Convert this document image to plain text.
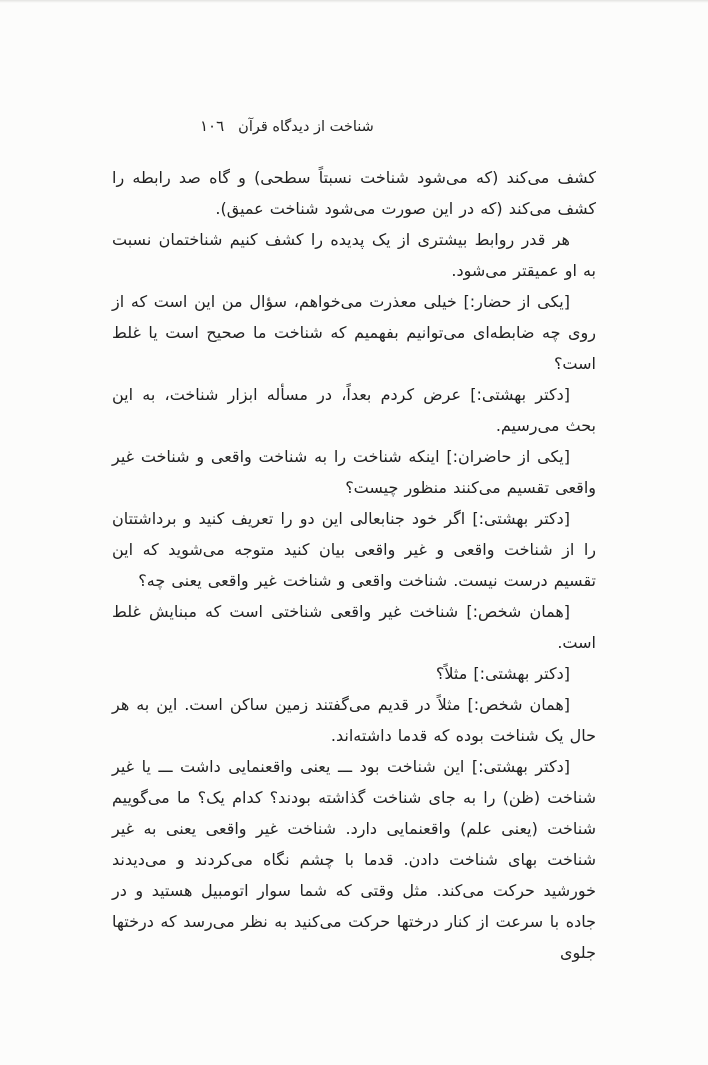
شناخت از دیدگاه قرآن
١٠٦

کشف می‌کند (که می‌شود شناخت نسبتاً سطحی) و گاه صد رابطه را کشف می‌کند (که در این صورت می‌شود شناخت عمیق).

هر قدر روابط بیشتری از یک پدیده را کشف کنیم شناختمان نسبت به او عمیقتر می‌شود.

[یکی از حضار:] خیلی معذرت می‌خواهم، سؤال من این است که از روی چه ضابطه‌ای می‌توانیم بفهمیم که شناخت ما صحیح است یا غلط است؟

[دکتر بهشتی:] عرض کردم بعداً، در مسأله ابزار شناخت، به این بحث می‌رسیم.

[یکی از حاضران:] اینکه شناخت را به شناخت واقعی و شناخت غیر واقعی تقسیم می‌کنند منظور چیست؟

[دکتر بهشتی:] اگر خود جنابعالی این دو را تعریف کنید و برداشتتان را از شناخت واقعی و غیر واقعی بیان کنید متوجه می‌شوید که این تقسیم درست نیست. شناخت واقعی و شناخت غیر واقعی یعنی چه؟

[همان شخص:] شناخت غیر واقعی شناختی است که مبنایش غلط است.

[دکتر بهشتی:] مثلاً؟

[همان شخص:] مثلاً در قدیم می‌گفتند زمین ساکن است. این به هر حال یک شناخت بوده که قدما داشته‌اند.

[دکتر بهشتی:] این شناخت بود ـــ یعنی واقعنمایی داشت ـــ یا غیر شناخت (ظن) را به جای شناخت گذاشته بودند؟ کدام یک؟ ما می‌گوییم شناخت (یعنی علم) واقعنمایی دارد. شناخت غیر واقعی یعنی به غیر شناخت بهای شناخت دادن. قدما با چشم نگاه می‌کردند و می‌دیدند خورشید حرکت می‌کند. مثل وقتی که شما سوار اتومبیل هستید و در جاده با سرعت از کنار درختها حرکت می‌کنید به نظر می‌رسد که درختها جلوی
